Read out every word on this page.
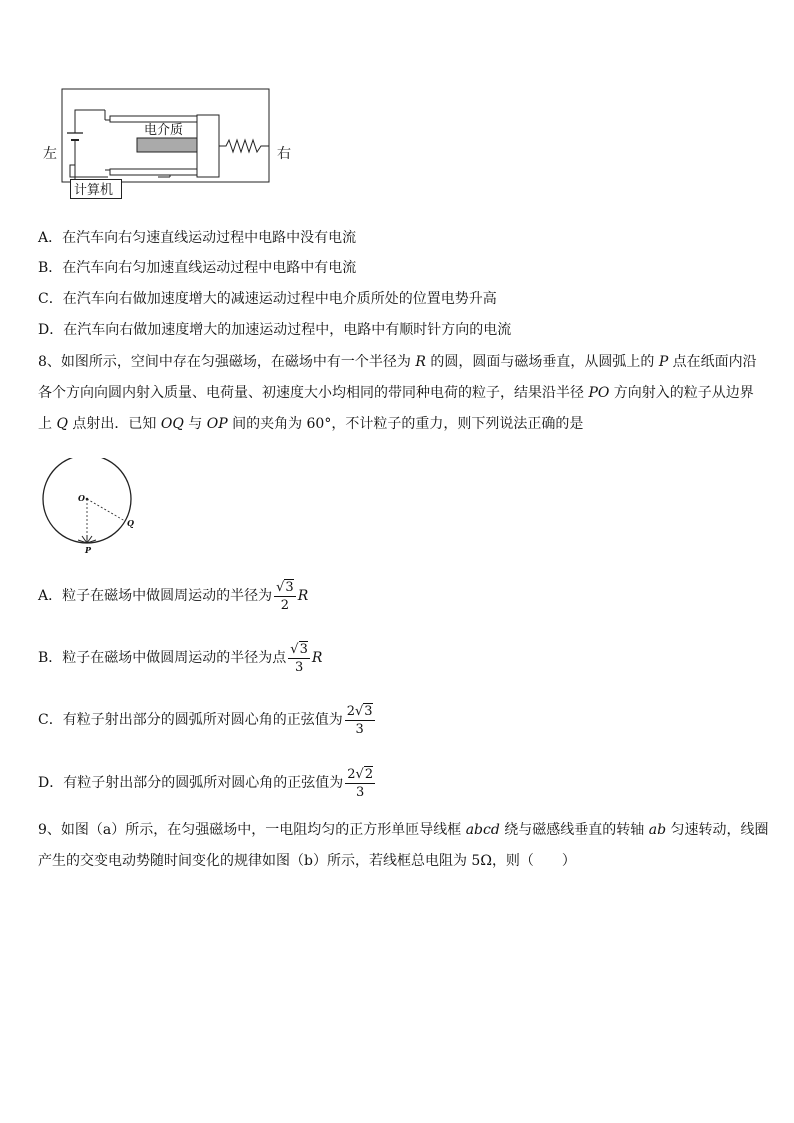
左	右
电介质
计算机
A．在汽车向右匀速直线运动过程中电路中没有电流
B．在汽车向右匀加速直线运动过程中电路中有电流
C．在汽车向右做加速度增大的减速运动过程中电介质所处的位置电势升高
D．在汽车向右做加速度增大的加速运动过程中，电路中有顺时针方向的电流
8、如图所示，空间中存在匀强磁场，在磁场中有一个半径为 R 的圆，圆面与磁场垂直，从圆弧上的 P 点在纸面内沿
各个方向向圆内射入质量、电荷量、初速度大小均相同的带同种电荷的粒子，结果沿半径 PO 方向射入的粒子从边界
上 Q 点射出．已知 OQ 与 OP 间的夹角为 60°，不计粒子的重力，则下列说法正确的是
O
Q
P
A．粒子在磁场中做圆周运动的半径为 $\frac{√3}{2}$ R
B．粒子在磁场中做圆周运动的半径为点 $\frac{√3}{3}$ R
C．有粒子射出部分的圆弧所对圆心角的正弦值为 $\frac{2√3}{3}$
D．有粒子射出部分的圆弧所对圆心角的正弦值为 $\frac{2√2}{3}$
9、如图（a）所示，在匀强磁场中，一电阻均匀的正方形单匝导线框 abcd 绕与磁感线垂直的转轴 ab 匀速转动，线圈
产生的交变电动势随时间变化的规律如图（b）所示，若线框总电阻为 5Ω，则（　　）
